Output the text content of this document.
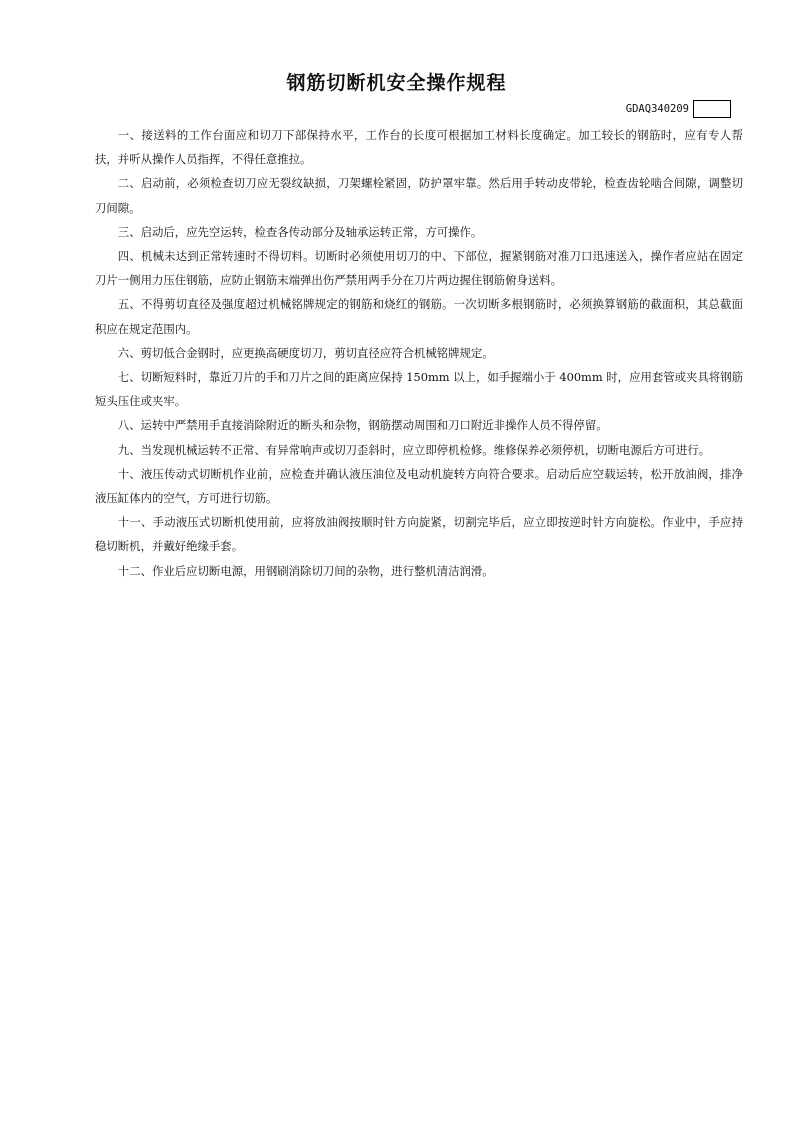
钢筋切断机安全操作规程
GDAQ340209

一、接送料的工作台面应和切刀下部保持水平，工作台的长度可根据加工材料长度确定。加工较长的钢筋时，应有专人帮扶，并听从操作人员指挥，不得任意推拉。

二、启动前，必须检查切刀应无裂纹缺损，刀架螺栓紧固，防护罩牢靠。然后用手转动皮带轮，检查齿轮啮合间隙，调整切刀间隙。

三、启动后，应先空运转，检查各传动部分及轴承运转正常，方可操作。

四、机械未达到正常转速时不得切料。切断时必须使用切刀的中、下部位，握紧钢筋对准刀口迅速送入，操作者应站在固定刀片一侧用力压住钢筋，应防止钢筋末端弹出伤严禁用两手分在刀片两边握住钢筋俯身送料。

五、不得剪切直径及强度超过机械铭牌规定的钢筋和烧红的钢筋。一次切断多根钢筋时，必须换算钢筋的截面积，其总截面积应在规定范围内。

六、剪切低合金钢时，应更换高硬度切刀，剪切直径应符合机械铭牌规定。

七、切断短料时，靠近刀片的手和刀片之间的距离应保持 150mm 以上，如手握端小于 400mm 时，应用套管或夹具将钢筋短头压住或夹牢。

八、运转中严禁用手直接消除附近的断头和杂物，钢筋摆动周围和刀口附近非操作人员不得停留。

九、当发现机械运转不正常、有异常响声或切刀歪斜时，应立即停机检修。维修保养必须停机，切断电源后方可进行。

十、液压传动式切断机作业前，应检查并确认液压油位及电动机旋转方向符合要求。启动后应空载运转，松开放油阀，排净液压缸体内的空气，方可进行切筋。

十一、手动液压式切断机使用前，应将放油阀按顺时针方向旋紧，切割完毕后，应立即按逆时针方向旋松。作业中，手应持稳切断机，并戴好绝缘手套。

十二、作业后应切断电源，用钢刷消除切刀间的杂物，进行整机清洁润滑。
